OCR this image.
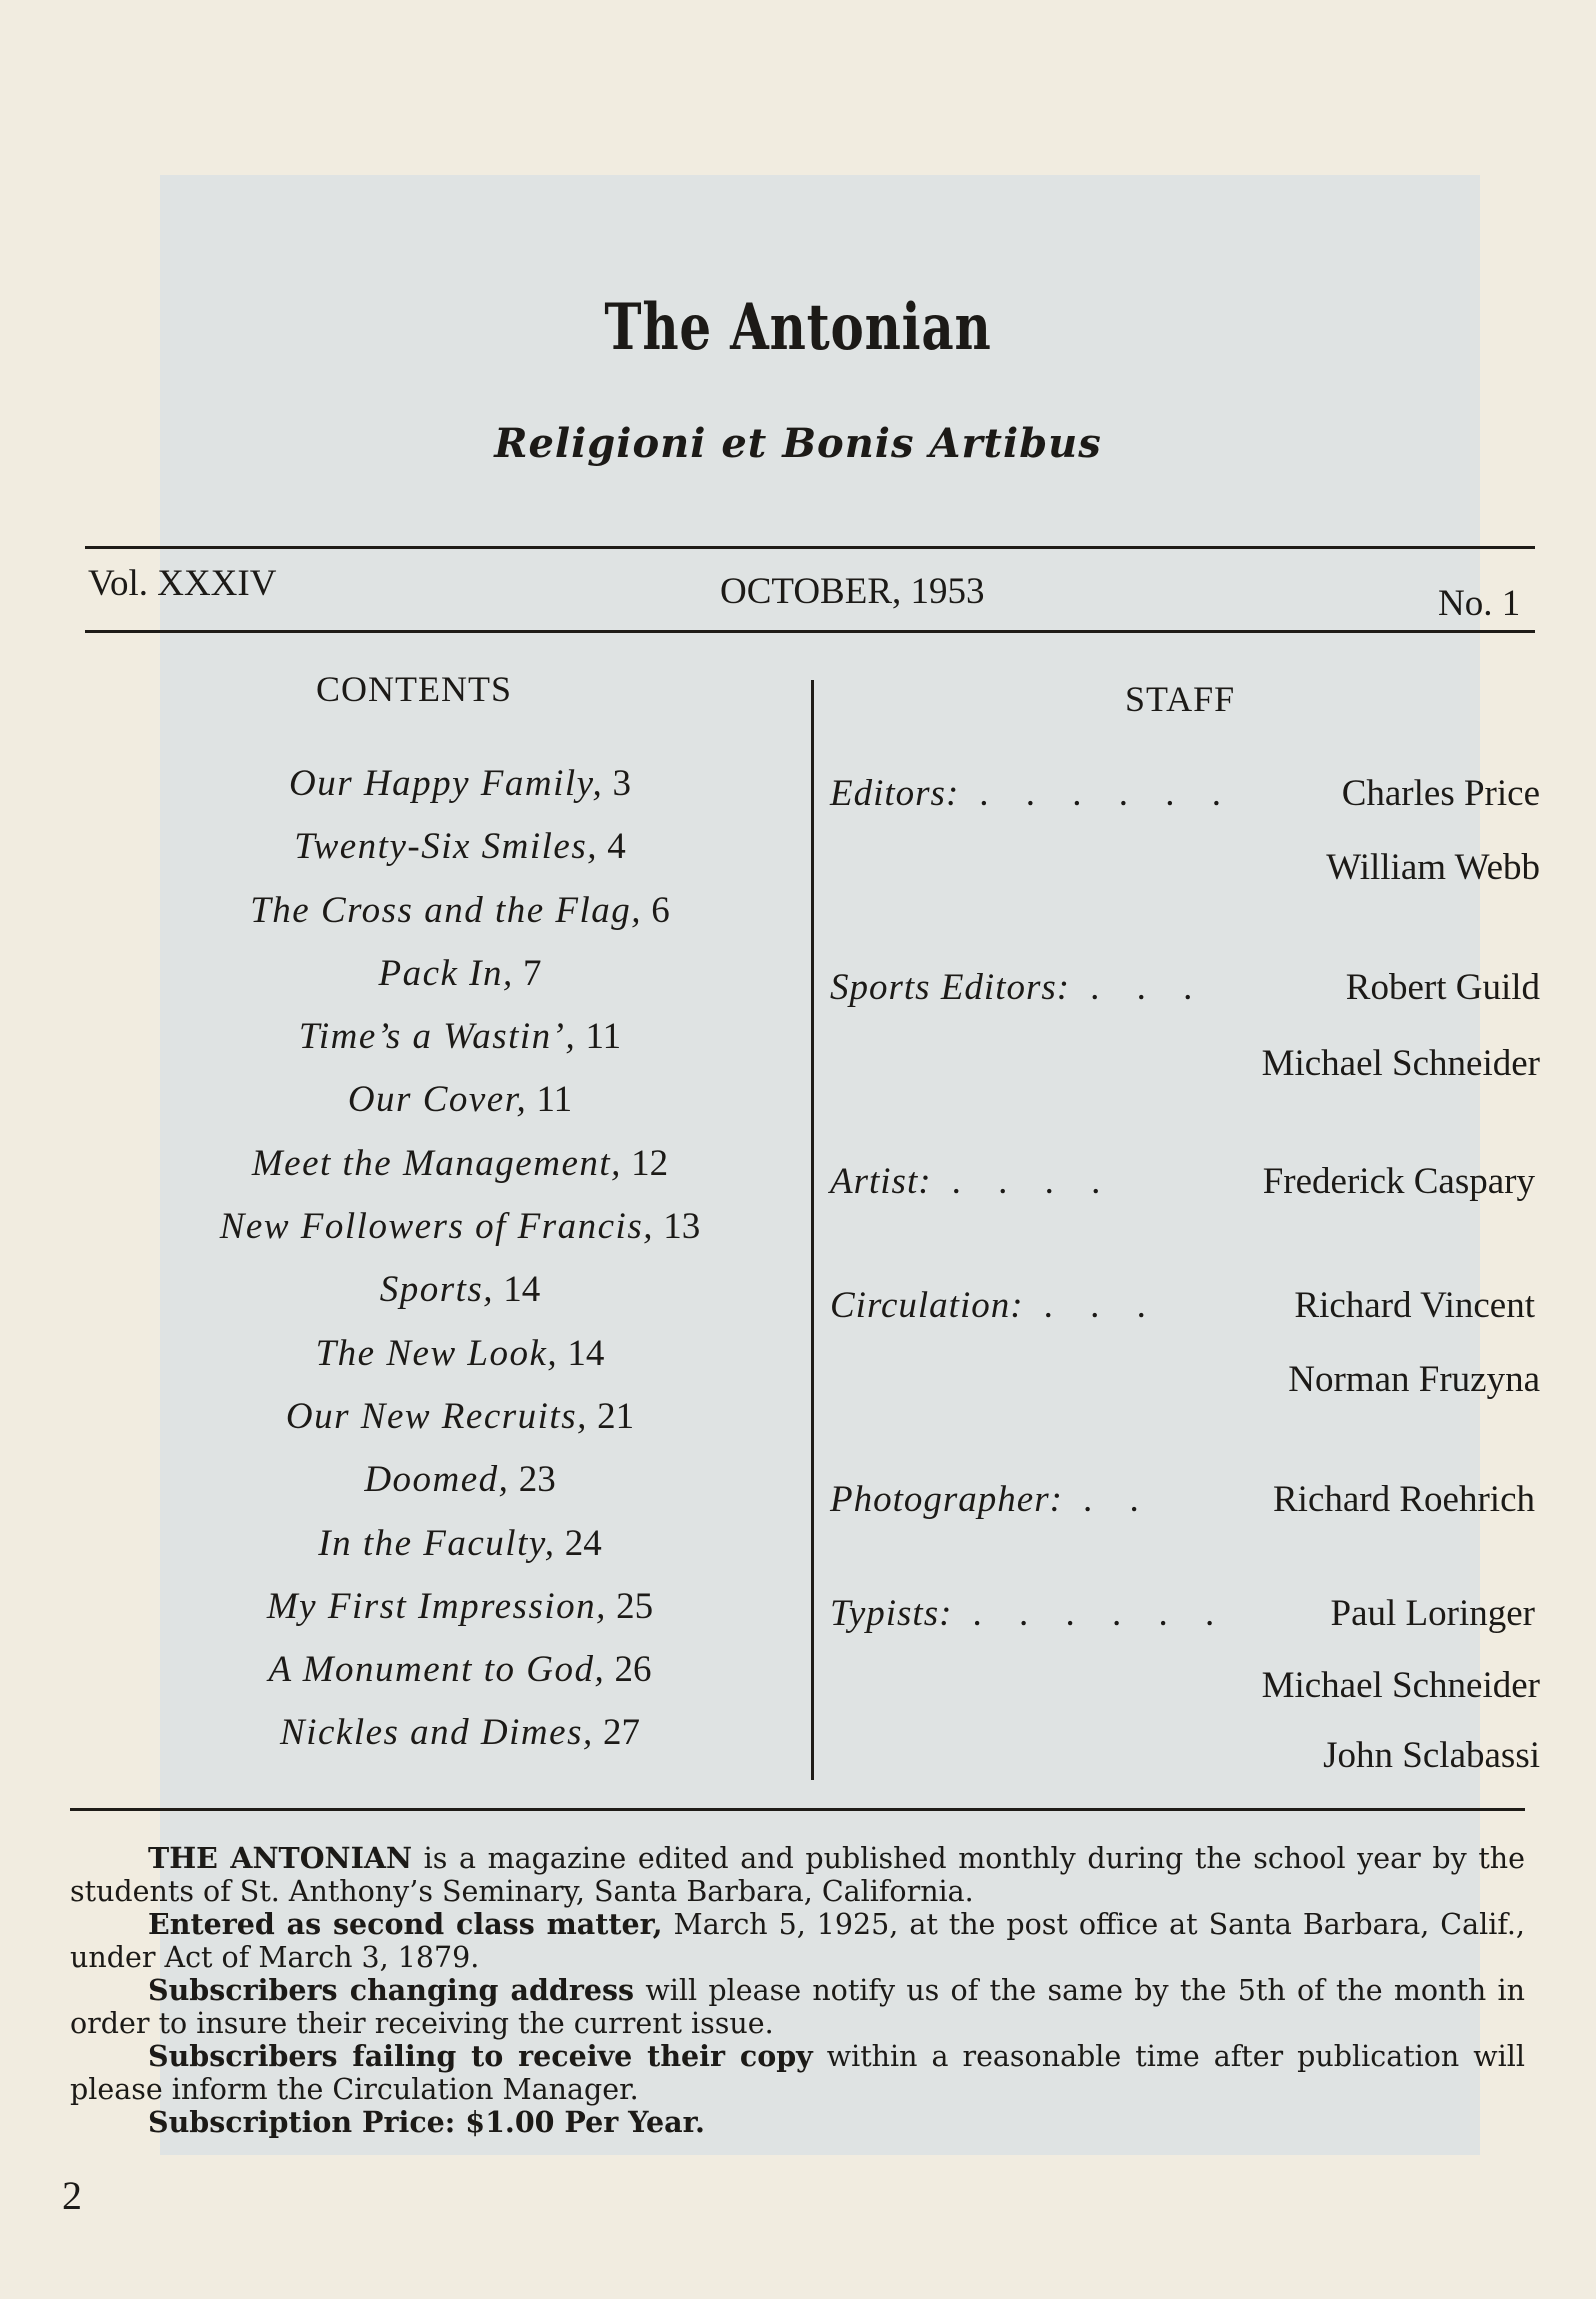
The Antonian
Religioni et Bonis Artibus
Vol. XXXIV	OCTOBER, 1953	No. 1
CONTENTS
Our Happy Family, 3
Twenty-Six Smiles, 4
The Cross and the Flag, 6
Pack In, 7
Time’s a Wastin’, 11
Our Cover, 11
Meet the Management, 12
New Followers of Francis, 13
Sports, 14
The New Look, 14
Our New Recruits, 21
Doomed, 23
In the Faculty, 24
My First Impression, 25
A Monument to God, 26
Nickles and Dimes, 27
STAFF
Editors: . . . . . .	Charles Price
William Webb
Sports Editors: . . .	Robert Guild
Michael Schneider
Artist: . . . .	Frederick Caspary
Circulation: . . .	Richard Vincent
Norman Fruzyna
Photographer: . .	Richard Roehrich
Typists: . . . . . .	Paul Loringer
Michael Schneider
John Sclabassi

THE ANTONIAN is a magazine edited and published monthly during the school year by the students of St. Anthony’s Seminary, Santa Barbara, California.

Entered as second class matter, March 5, 1925, at the post office at Santa Barbara, Calif., under Act of March 3, 1879.

Subscribers changing address will please notify us of the same by the 5th of the month in order to insure their receiving the current issue.

Subscribers failing to receive their copy within a reasonable time after publication will please inform the Circulation Manager.

Subscription Price: $1.00 Per Year.

2
